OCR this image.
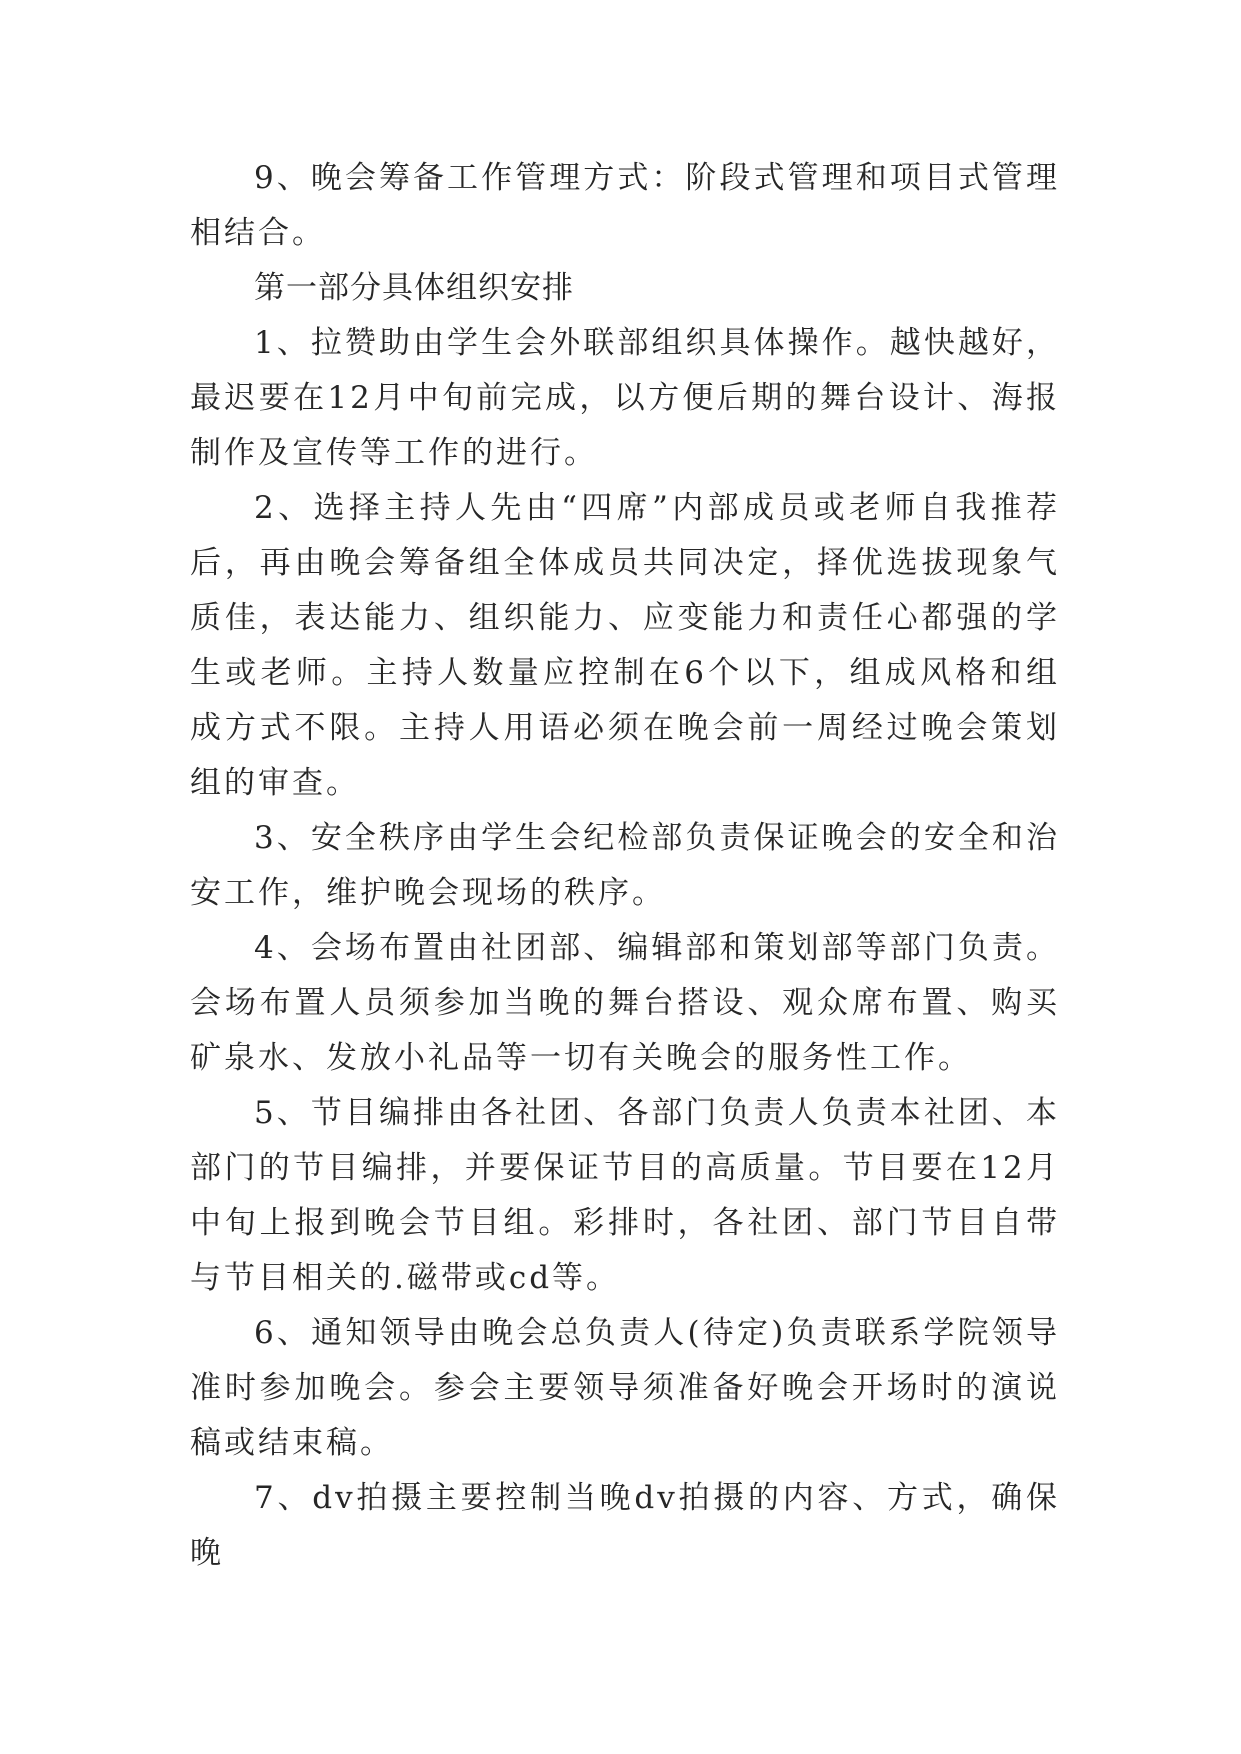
9、晚会筹备工作管理方式：阶段式管理和项目式管理相结合。

第一部分具体组织安排

1、拉赞助由学生会外联部组织具体操作。越快越好，最迟要在12月中旬前完成，以方便后期的舞台设计、海报制作及宣传等工作的进行。

2、选择主持人先由“四席”内部成员或老师自我推荐后，再由晚会筹备组全体成员共同决定，择优选拔现象气质佳，表达能力、组织能力、应变能力和责任心都强的学生或老师。主持人数量应控制在6个以下，组成风格和组成方式不限。主持人用语必须在晚会前一周经过晚会策划组的审查。

3、安全秩序由学生会纪检部负责保证晚会的安全和治安工作，维护晚会现场的秩序。

4、会场布置由社团部、编辑部和策划部等部门负责。会场布置人员须参加当晚的舞台搭设、观众席布置、购买矿泉水、发放小礼品等一切有关晚会的服务性工作。

5、节目编排由各社团、各部门负责人负责本社团、本部门的节目编排，并要保证节目的高质量。节目要在12月中旬上报到晚会节目组。彩排时，各社团、部门节目自带与节目相关的.磁带或cd等。

6、通知领导由晚会总负责人(待定)负责联系学院领导准时参加晚会。参会主要领导须准备好晚会开场时的演说稿或结束稿。

7、dv拍摄主要控制当晚dv拍摄的内容、方式，确保晚
